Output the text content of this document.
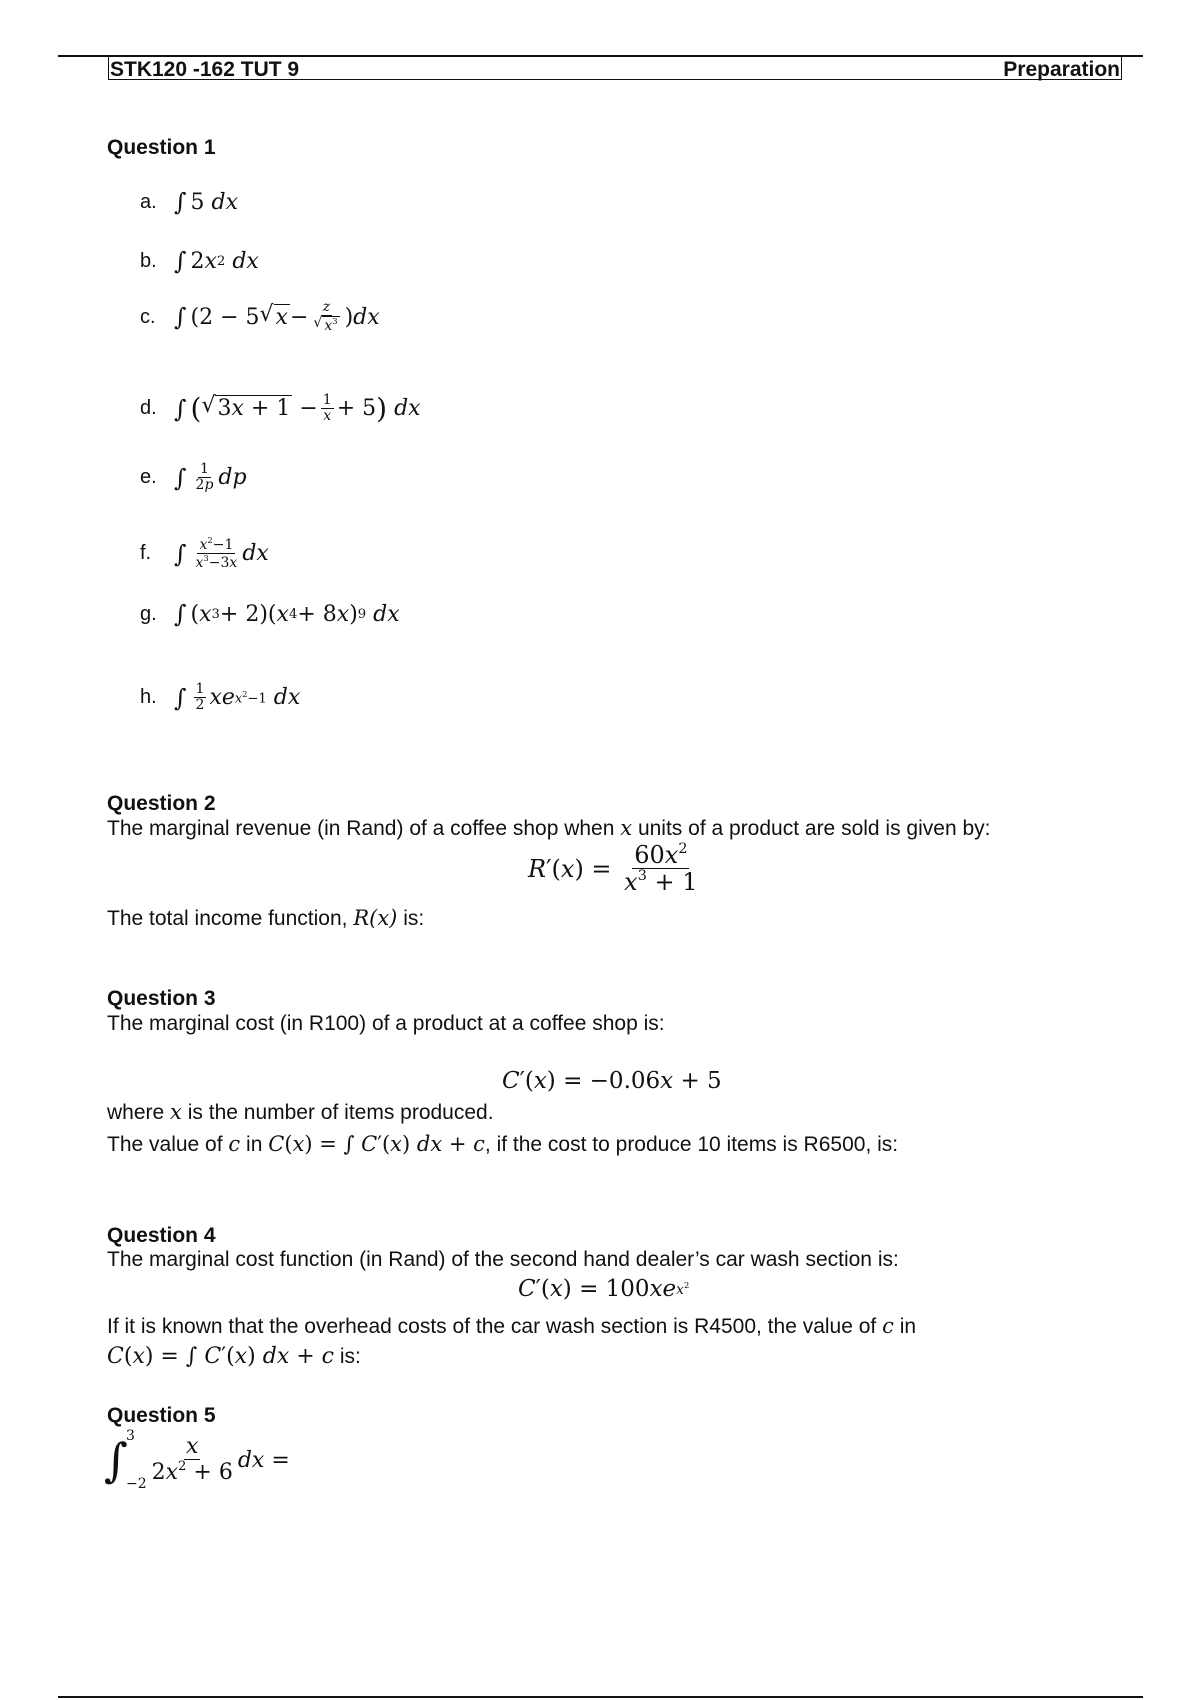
STK120 -162 TUT 9	Preparation
Question 1
a. ∫ 5 dx
b. ∫ 2 x 2
dx
c. ∫ (2 − 5 √ $x - \frac{z}{√ x^3}$ ) dx
d. ∫ ( √ $3x + 1 - \frac{1}{x} + 5$ )
dx
e. ∫ $\frac{1}{2p}$ dp
f. ∫ $\frac{x^2-1}{x^3-3x}$ dx
g. ∫ ( x 3 + 2)( x 4 + 8 x ) 9
dx
h. ∫ $\frac{1}{2}$ xe $x^2-1$
dx
Question 2
The marginal revenue (in Rand) of a coffee shop when x units of a product are sold is given by:
R ′( x ) = $\frac{60x^2}{x^3 + 1}$
The total income function, R(x) is:
Question 3
The marginal cost (in R100) of a product at a coffee shop is:
C ′( x ) = −0.06 x + 5
where x is the number of items produced.
The value of c in C ( x ) = ∫ C ′( x ) dx + c , if the cost to produce 10 items is R6500, is:
Question 4
The marginal cost function (in Rand) of the second hand dealer’s car wash section is:
C ′( x ) = 100 xe $x^2$
If it is known that the overhead costs of the car wash section is R4500, the value of c in
C ( x ) = ∫ C ′( x ) dx + c is:
Question 5
∫
3
$-2 \frac{x}{2x^2 + 6}$ dx =
